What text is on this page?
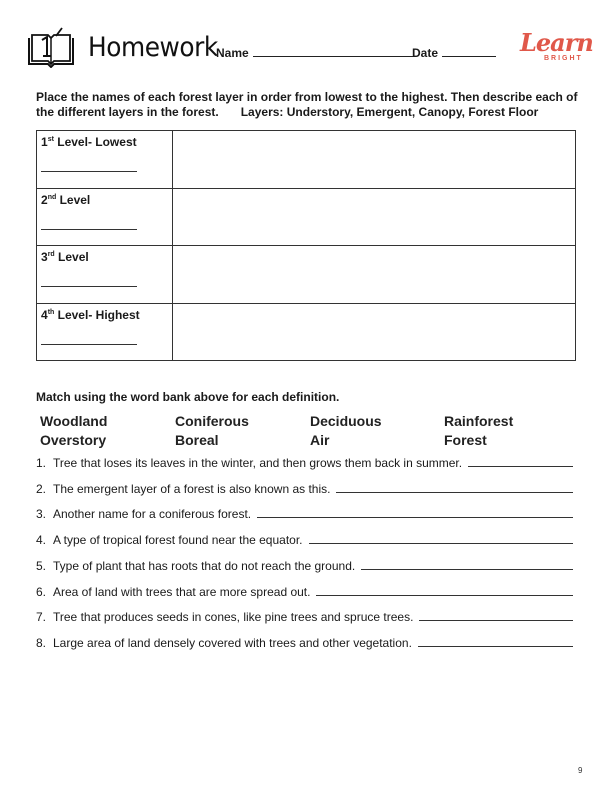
Homework
Name	Date	Learn
BRIGHT
Place the names of each forest layer in order from lowest to the highest. Then describe each of the different layers in the forest. Layers: Understory, Emergent, Canopy, Forest Floor
1st Level- Lowest

2nd Level

3rd Level

4th Level- Highest

Match using the word bank above for each definition.
Woodland	Coniferous	Deciduous	Rainforest
Overstory	Boreal	Air	Forest
1. Tree that loses its leaves in the winter, and then grows them back in summer.
2. The emergent layer of a forest is also known as this.
3. Another name for a coniferous forest.
4. A type of tropical forest found near the equator.
5. Type of plant that has roots that do not reach the ground.
6. Area of land with trees that are more spread out.
7. Tree that produces seeds in cones, like pine trees and spruce trees.
8. Large area of land densely covered with trees and other vegetation.
9
